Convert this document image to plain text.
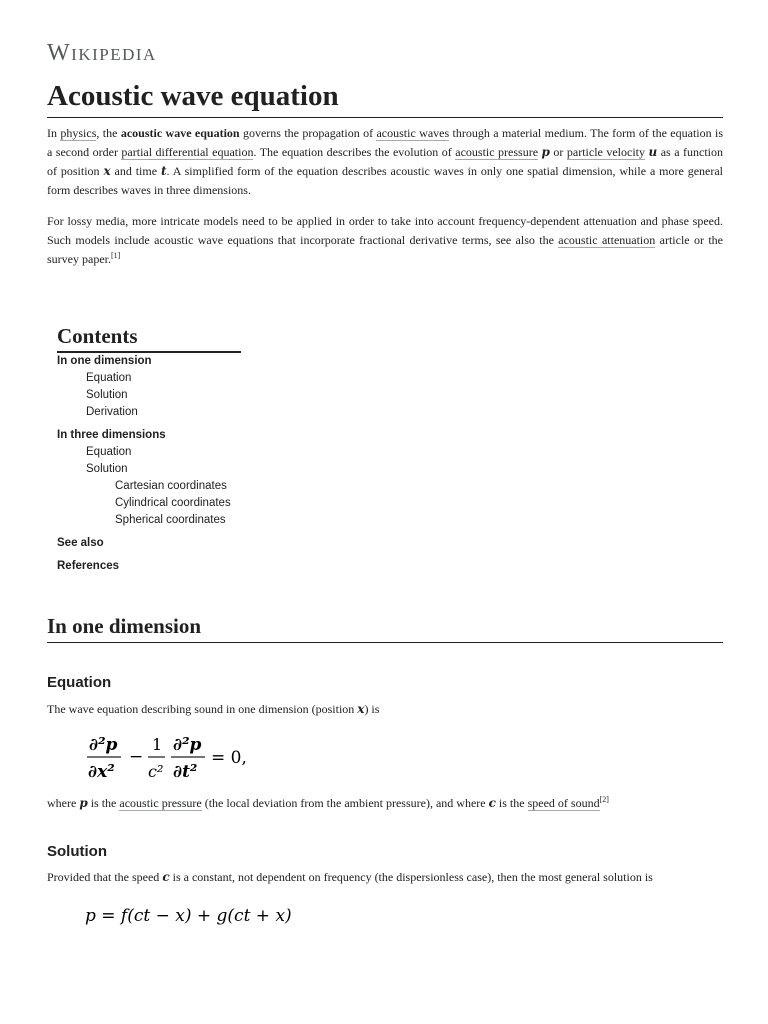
Wikipedia
Acoustic wave equation

In physics, the acoustic wave equation governs the propagation of acoustic waves through a material medium. The form of the equation is a second order partial differential equation. The equation describes the evolution of acoustic pressure p or particle velocity u as a function of position x and time t. A simplified form of the equation describes acoustic waves in only one spatial dimension, while a more general form describes waves in three dimensions.

For lossy media, more intricate models need to be applied in order to take into account frequency-dependent attenuation and phase speed. Such models include acoustic wave equations that incorporate fractional derivative terms, see also the acoustic attenuation article or the survey paper.[1]

Contents
In one dimension
Equation
Solution
Derivation
In three dimensions
Equation
Solution
Cartesian coordinates
Cylindrical coordinates
Spherical coordinates
See also
References
In one dimension
Equation

The wave equation describing sound in one dimension (position x) is

∂²p
∂x²
−
1
c²
∂²p
∂t²
= 0,

where p is the acoustic pressure (the local deviation from the ambient pressure), and where c is the speed of sound[2]

Solution

Provided that the speed c is a constant, not dependent on frequency (the dispersionless case), then the most general solution is

p = f(ct − x) + g(ct + x)
